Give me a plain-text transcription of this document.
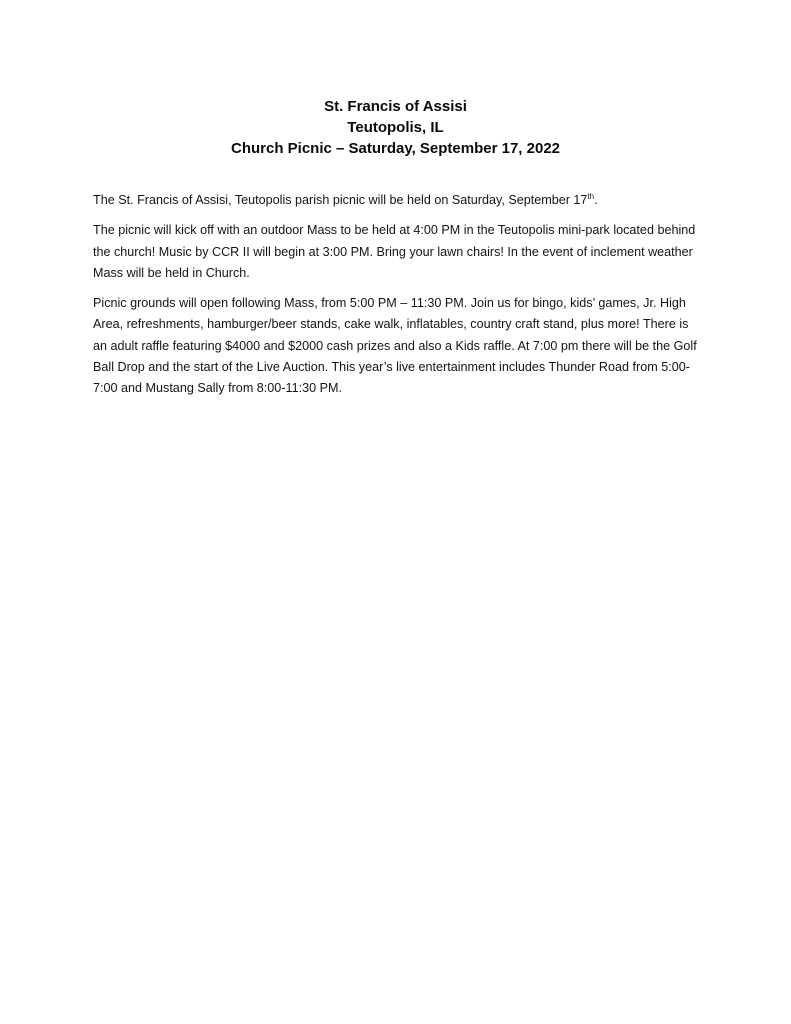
St. Francis of Assisi
Teutopolis, IL
Church Picnic – Saturday, September 17, 2022

The St. Francis of Assisi, Teutopolis parish picnic will be held on Saturday, September 17th.

The picnic will kick off with an outdoor Mass to be held at 4:00 PM in the Teutopolis mini-park located behind the church! Music by CCR II will begin at 3:00 PM. Bring your lawn chairs! In the event of inclement weather Mass will be held in Church.

Picnic grounds will open following Mass, from 5:00 PM – 11:30 PM. Join us for bingo, kids’ games, Jr. High Area, refreshments, hamburger/beer stands, cake walk, inflatables, country craft stand, plus more! There is an adult raffle featuring $4000 and $2000 cash prizes and also a Kids raffle. At 7:00 pm there will be the Golf Ball Drop and the start of the Live Auction. This year’s live entertainment includes Thunder Road from 5:00-7:00 and Mustang Sally from 8:00-11:30 PM.
